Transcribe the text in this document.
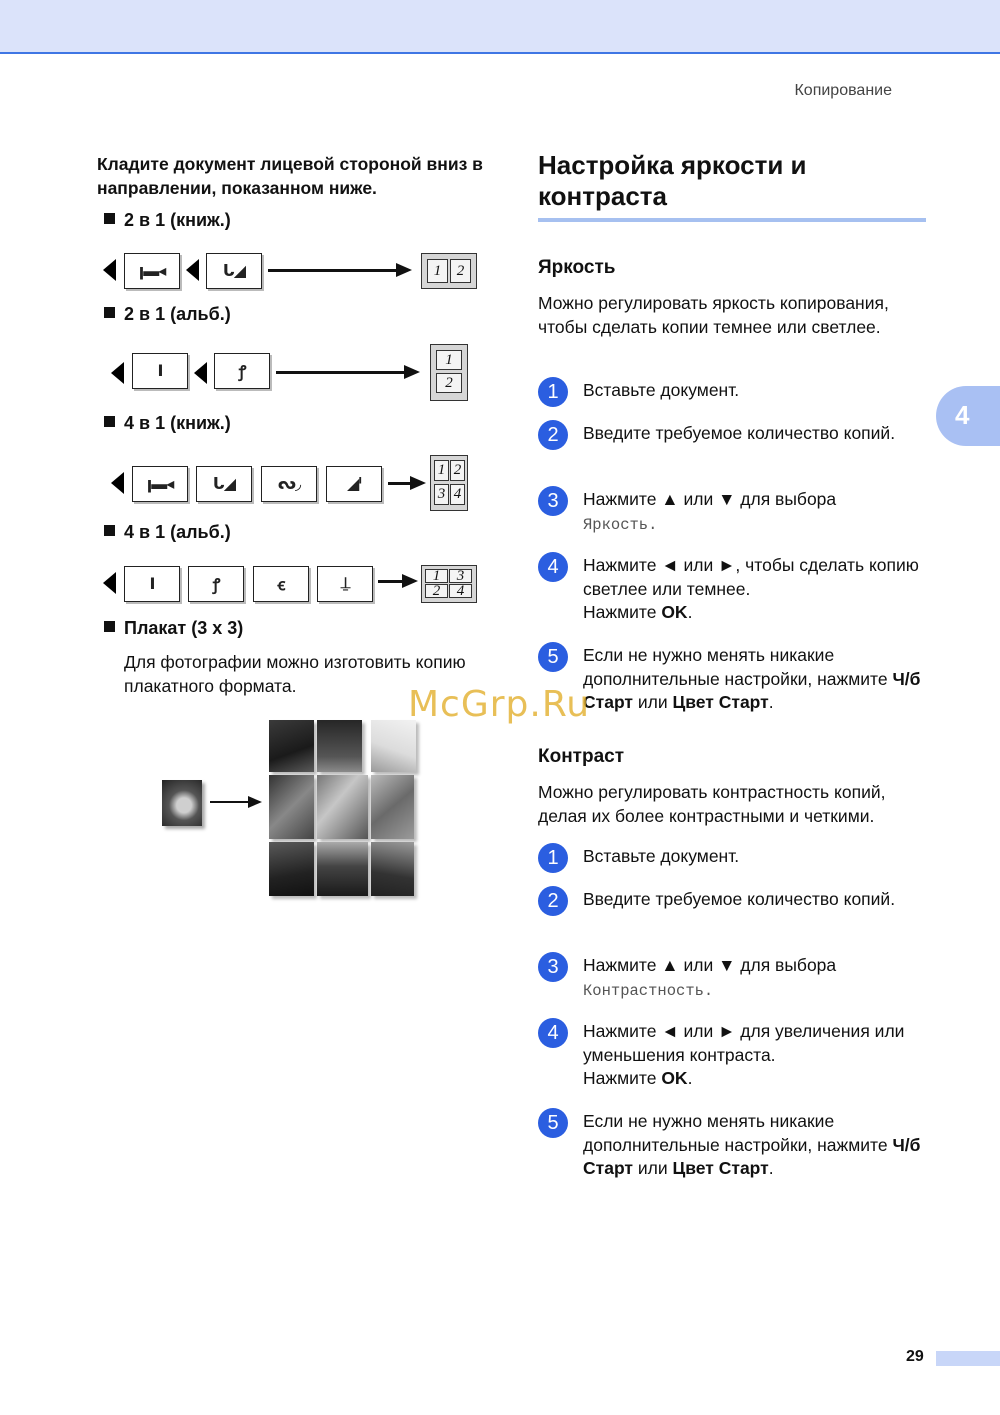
Копирование
4
Кладите документ лицевой стороной вниз в направлении, показанном ниже.
2 в 1 (книж.)
ꞁ▬◂	ᒐ◢	1	2
2 в 1 (альб.)
Ⅰ	ꝭ
1
2
4 в 1 (книж.)
ꞁ▬◂	ᒐ◢	ᔓ◞	◢ᑊ
1 2
3 4
4 в 1 (альб.)
Ⅰ	ꝭ	ꞓ	⍊	1	3
2	4
Плакат (3 x 3)
Для фотографии можно изготовить копию плакатного формата.
Настройка яркости и контраста
Яркость
Можно регулировать яркость копирования, чтобы сделать копии темнее или светлее.
1	Вставьте документ.
2	Введите требуемое количество копий.
3	Нажмите ▲ или ▼ для выбора
Яркость.
4	Нажмите ◄ или ►, чтобы сделать копию светлее или темнее.
Нажмите OK.
5	Если не нужно менять никакие дополнительные настройки, нажмите Ч/б Старт или Цвет Старт.
Контраст
Можно регулировать контрастность копий, делая их более контрастными и четкими.
1	Вставьте документ.
2	Введите требуемое количество копий.
3	Нажмите ▲ или ▼ для выбора
Контрастность.
4	Нажмите ◄ или ► для увеличения или уменьшения контраста.
Нажмите OK.
5	Если не нужно менять никакие дополнительные настройки, нажмите Ч/б Старт или Цвет Старт.
McGrp.Ru
29
